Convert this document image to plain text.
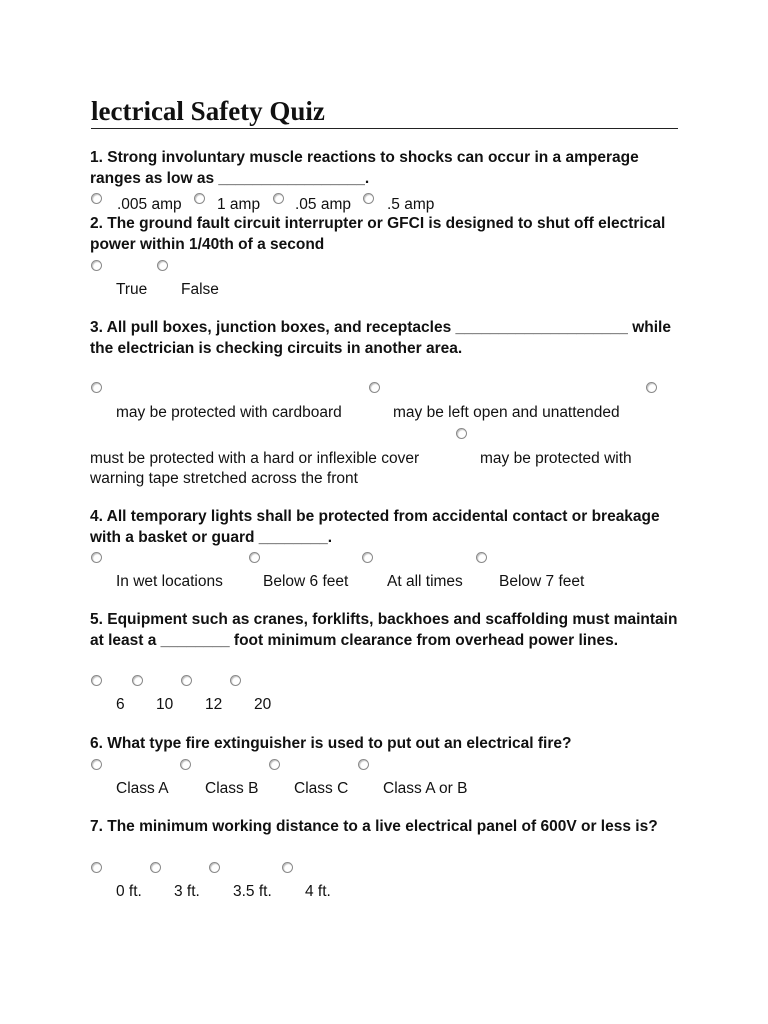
lectrical Safety Quiz
1. Strong involuntary muscle reactions to shocks can occur in a amperage ranges as low as _________________.
.005 amp 1 amp .05 amp .5 amp
2. The ground fault circuit interrupter or GFCI is designed to shut off electrical power within 1/40th of a second
True False
3. All pull boxes, junction boxes, and receptacles ____________________ while the electrician is checking circuits in another area.
may be protected with cardboard	may be left open and unattended
must be protected with a hard or inflexible cover	may be protected with warning tape stretched across the front
4. All temporary lights shall be protected from accidental contact or breakage with a basket or guard ________.
In wet locations	Below 6 feet At all times Below 7 feet
5. Equipment such as cranes, forklifts, backhoes and scaffolding must maintain at least a ________ foot minimum clearance from overhead power lines.
6 10 12 20
6. What type fire extinguisher is used to put out an electrical fire?
Class A Class B Class C Class A or B
7. The minimum working distance to a live electrical panel of 600V or less is?
0 ft. 3 ft. 3.5 ft. 4 ft.
